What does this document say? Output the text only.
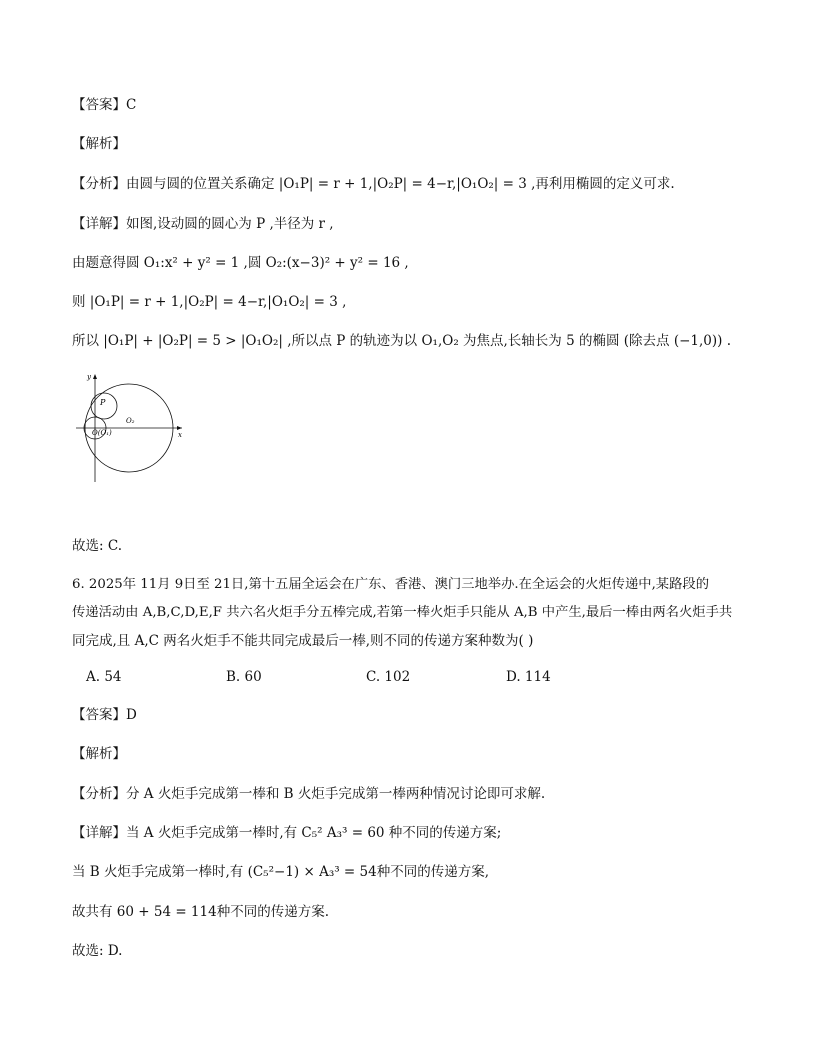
【答案】C
【解析】
【分析】由圆与圆的位置关系确定 |O₁P| = r + 1,|O₂P| = 4−r,|O₁O₂| = 3 ,再利用椭圆的定义可求.
【详解】如图,设动圆的圆心为 P ,半径为 r ,
由题意得圆 O₁:x² + y² = 1 ,圆 O₂:(x−3)² + y² = 16 ,
则 |O₁P| = r + 1,|O₂P| = 4−r,|O₁O₂| = 3 ,
所以 |O₁P| + |O₂P| = 5 > |O₁O₂| ,所以点 P 的轨迹为以 O₁,O₂ 为焦点,长轴长为 5 的椭圆 (除去点 (−1,0)) .
y
x
P
O₂
O(O₁)
故选: C.
6. 2025年 11月 9日至 21日,第十五届全运会在广东、香港、澳门三地举办.在全运会的火炬传递中,某路段的
传递活动由 A,B,C,D,E,F 共六名火炬手分五棒完成,若第一棒火炬手只能从 A,B 中产生,最后一棒由两名火炬手共
同完成,且 A,C 两名火炬手不能共同完成最后一棒,则不同的传递方案种数为( )
A. 54	B. 60	C. 102	D. 114
【答案】D
【解析】
【分析】分 A 火炬手完成第一棒和 B 火炬手完成第一棒两种情况讨论即可求解.
【详解】当 A 火炬手完成第一棒时,有 C₅² A₃³ = 60 种不同的传递方案;
当 B 火炬手完成第一棒时,有 (C₅²−1) × A₃³ = 54种不同的传递方案,
故共有 60 + 54 = 114种不同的传递方案.
故选: D.
